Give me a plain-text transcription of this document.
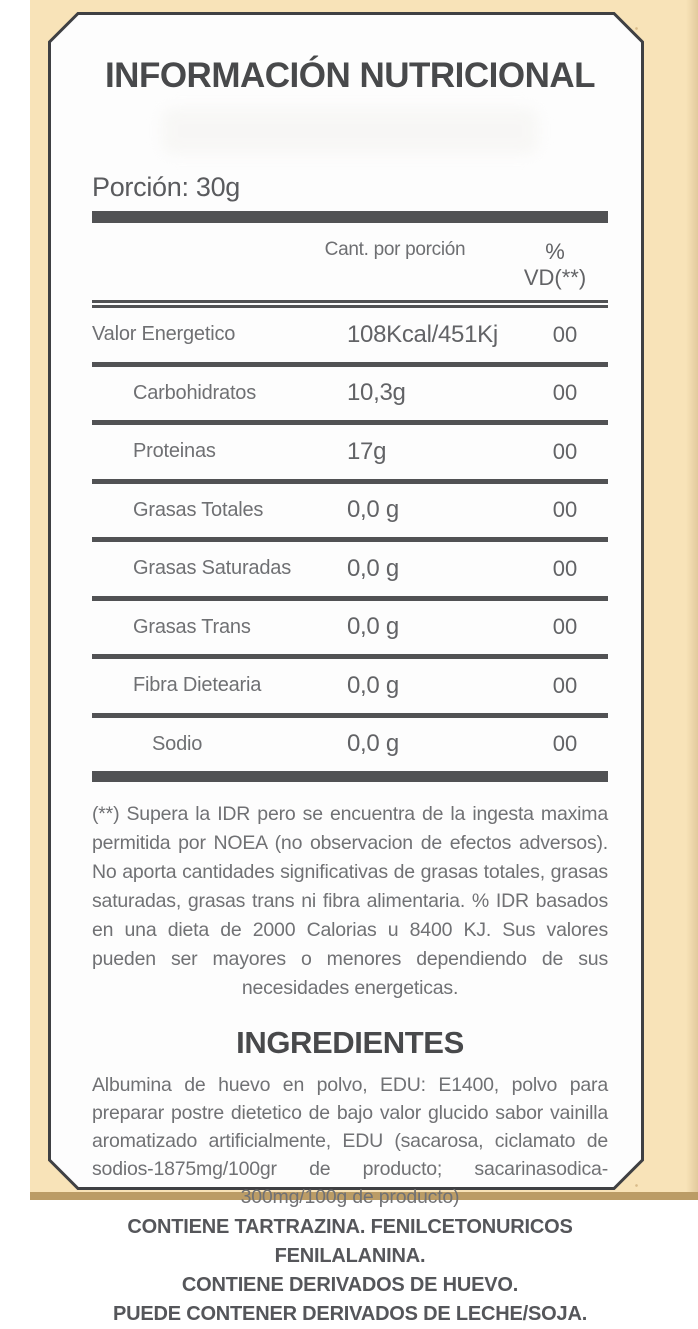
INFORMACIÓN NUTRICIONAL
Porción: 30g
Cant. por porción	% VD(**)
Valor Energetico	108Kcal/451Kj	00
Carbohidratos	10,3g	00
Proteinas	17g	00
Grasas Totales	0,0 g	00
Grasas Saturadas	0,0 g	00
Grasas Trans	0,0 g	00
Fibra Dietearia	0,0 g	00
Sodio	0,0 g	00

(**) Supera la IDR pero se encuentra de la ingesta maxima permitida por NOEA (no observacion de efectos adversos). No aporta cantidades significativas de grasas totales, grasas saturadas, grasas trans ni fibra alimentaria. % IDR basados en una dieta de 2000 Calorias u 8400 KJ. Sus valores pueden ser mayores o menores dependiendo de sus necesidades energeticas.

INGREDIENTES

Albumina de huevo en polvo, EDU: E1400, polvo para preparar postre dietetico de bajo valor glucido sabor vainilla aromatizado artificialmente, EDU (sacarosa, ciclamato de sodios-1875mg/100gr de producto; sacarinasodica-300mg/100g de producto)

CONTIENE TARTRAZINA. FENILCETONURICOS FENILALANINA.
CONTIENE DERIVADOS DE HUEVO.
PUEDE CONTENER DERIVADOS DE LECHE/SOJA.
